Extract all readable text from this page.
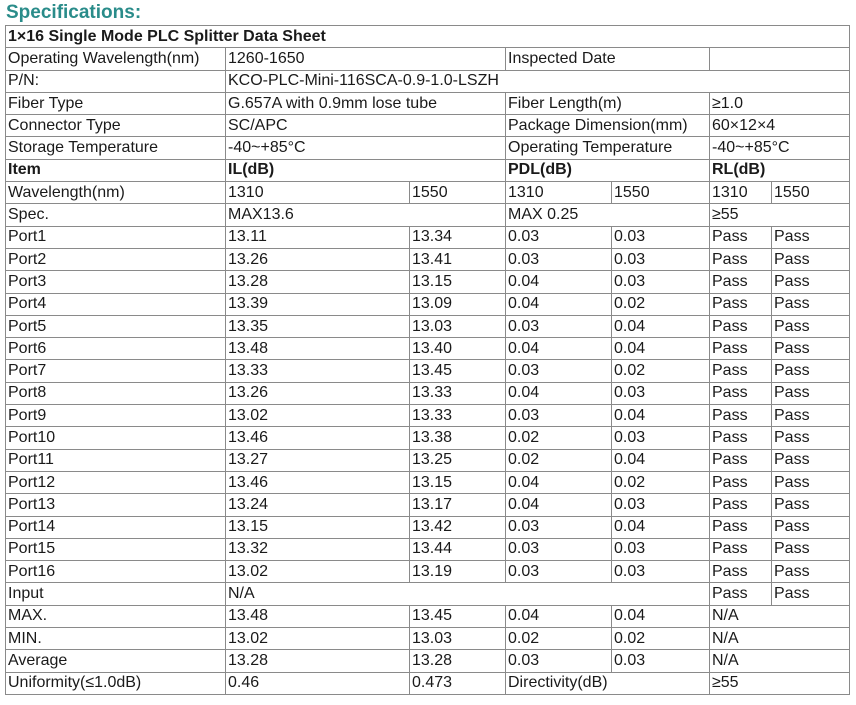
Specifications:
1×16 Single Mode PLC Splitter Data Sheet						
Operating Wavelength(nm)	1260-1650		Inspected Date			
P/N:	KCO-PLC-Mini-116SCA-0.9-1.0-LSZH					
Fiber Type	G.657A with 0.9mm lose tube		Fiber Length(m)		≥1.0	
Connector Type	SC/APC		Package Dimension(mm)		60×12×4	
Storage Temperature	-40~+85°C		Operating Temperature		-40~+85°C	
Item	IL(dB)		PDL(dB)		RL(dB)	
Wavelength(nm)	1310	1550	1310	1550	1310	1550
Spec.	MAX13.6		MAX 0.25		≥55	
Port1	13.11	13.34	0.03	0.03	Pass	Pass
Port2	13.26	13.41	0.03	0.03	Pass	Pass
Port3	13.28	13.15	0.04	0.03	Pass	Pass
Port4	13.39	13.09	0.04	0.02	Pass	Pass
Port5	13.35	13.03	0.03	0.04	Pass	Pass
Port6	13.48	13.40	0.04	0.04	Pass	Pass
Port7	13.33	13.45	0.03	0.02	Pass	Pass
Port8	13.26	13.33	0.04	0.03	Pass	Pass
Port9	13.02	13.33	0.03	0.04	Pass	Pass
Port10	13.46	13.38	0.02	0.03	Pass	Pass
Port11	13.27	13.25	0.02	0.04	Pass	Pass
Port12	13.46	13.15	0.04	0.02	Pass	Pass
Port13	13.24	13.17	0.04	0.03	Pass	Pass
Port14	13.15	13.42	0.03	0.04	Pass	Pass
Port15	13.32	13.44	0.03	0.03	Pass	Pass
Port16	13.02	13.19	0.03	0.03	Pass	Pass
Input	N/A				Pass	Pass
MAX.	13.48	13.45	0.04	0.04	N/A	
MIN.	13.02	13.03	0.02	0.02	N/A	
Average	13.28	13.28	0.03	0.03	N/A	
Uniformity(≤1.0dB)	0.46	0.473	Directivity(dB)		≥55	
